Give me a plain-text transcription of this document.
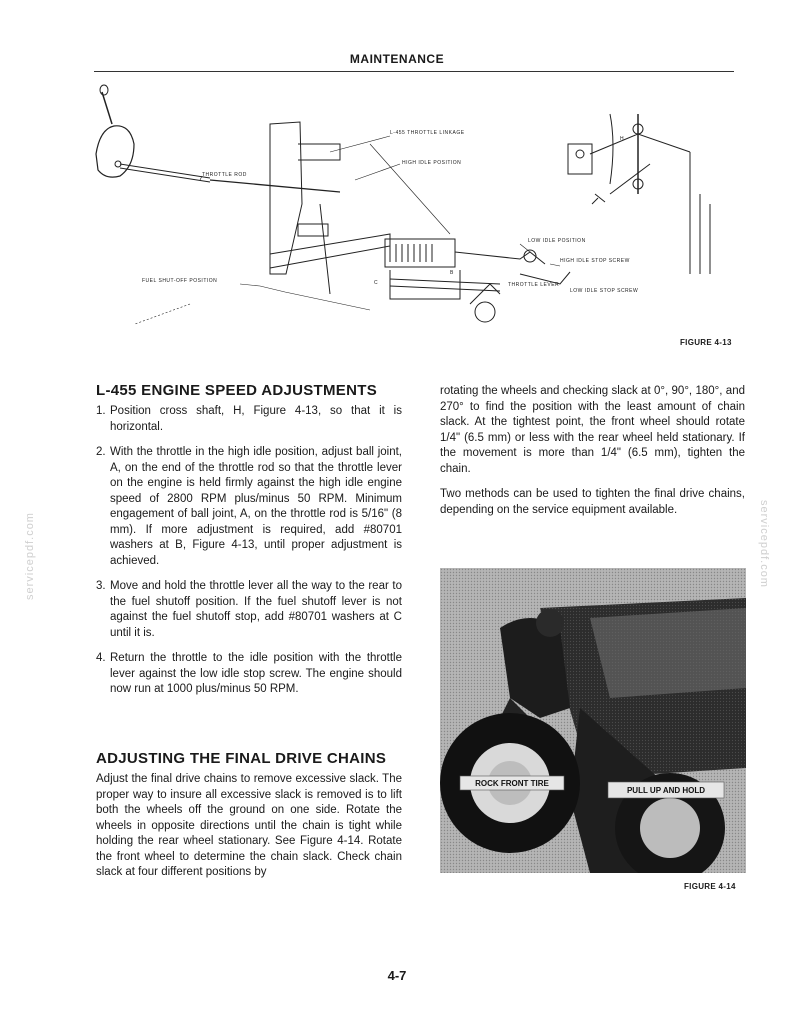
MAINTENANCE
servicepdf.com	servicepdf.com
L-455 THROTTLE LINKAGE
HIGH IDLE POSITION
THROTTLE ROD
LOW IDLE POSITION
HIGH IDLE STOP SCREW
THROTTLE LEVER
LOW IDLE STOP SCREW
FUEL SHUT-OFF POSITION
B
C
H
FIGURE 4-13
L-455 ENGINE SPEED ADJUSTMENTS
1. Position cross shaft, H, Figure 4-13, so that it is horizontal.
2. With the throttle in the high idle position, adjust ball joint, A, on the end of the throttle rod so that the throttle lever on the engine is held firmly against the high idle engine speed of 2800 RPM plus/minus 50 RPM. Minimum engagement of ball joint, A, on the throttle rod is 5/16" (8 mm). If more adjustment is required, add #80701 washers at B, Figure 4-13, until proper adjustment is achieved.
3. Move and hold the throttle lever all the way to the rear to the fuel shutoff position. If the fuel shutoff lever is not against the fuel shutoff stop, add #80701 washers at C until it is.
4. Return the throttle to the idle position with the throttle lever against the low idle stop screw. The engine should now run at 1000 plus/minus 50 RPM.
ADJUSTING THE FINAL DRIVE CHAINS

Adjust the final drive chains to remove excessive slack. The proper way to insure all excessive slack is removed is to lift both the wheels off the ground on one side. Rotate the wheels in opposite directions until the chain is tight while holding the rear wheel stationary. See Figure 4-14. Rotate the front wheel to determine the chain slack. Check chain slack at four different positions by

rotating the wheels and checking slack at 0°, 90°, 180°, and 270° to find the position with the least amount of chain slack. At the tightest point, the front wheel should rotate 1/4" (6.5 mm) or less with the rear wheel held stationary. If the movement is more than 1/4" (6.5 mm), tighten the chain.

Two methods can be used to tighten the final drive chains, depending on the service equipment available.

ROCK FRONT TIRE
PULL UP AND HOLD
FIGURE 4-14
4-7
